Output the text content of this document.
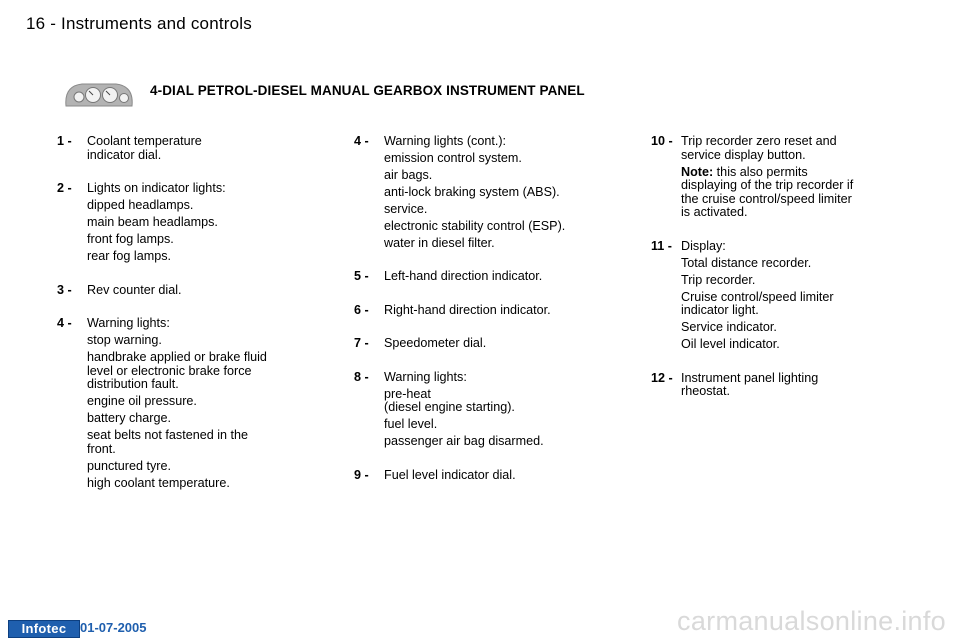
16 - Instruments and controls
4-DIAL PETROL-DIESEL MANUAL GEARBOX INSTRUMENT PANEL
1 -	Coolant temperature
indicator dial.
2 -	Lights on indicator lights:
dipped headlamps.
main beam headlamps.
front fog lamps.
rear fog lamps.
3 -	Rev counter dial.
4 -	Warning lights:
stop warning.
handbrake applied or brake fluid
level or electronic brake force
distribution fault.
engine oil pressure.
battery charge.
seat belts not fastened in the
front.
punctured tyre.
high coolant temperature.
4 -	Warning lights (cont.):
emission control system.
air bags.
anti-lock braking system (ABS).
service.
electronic stability control (ESP).
water in diesel filter.
5 -	Left-hand direction indicator.
6 -	Right-hand direction indicator.
7 -	Speedometer dial.
8 -	Warning lights:
pre-heat
(diesel engine starting).
fuel level.
passenger air bag disarmed.
9 -	Fuel level indicator dial.
10 - Trip recorder zero reset and
service display button.
Note: this also permits
displaying of the trip recorder if
the cruise control/speed limiter
is activated.
11 - Display:
Total distance recorder.
Trip recorder.
Cruise control/speed limiter
indicator light.
Service indicator.
Oil level indicator.
12 - Instrument panel lighting
rheostat.
Infotec	01-07-2005	carmanualsonline.info
